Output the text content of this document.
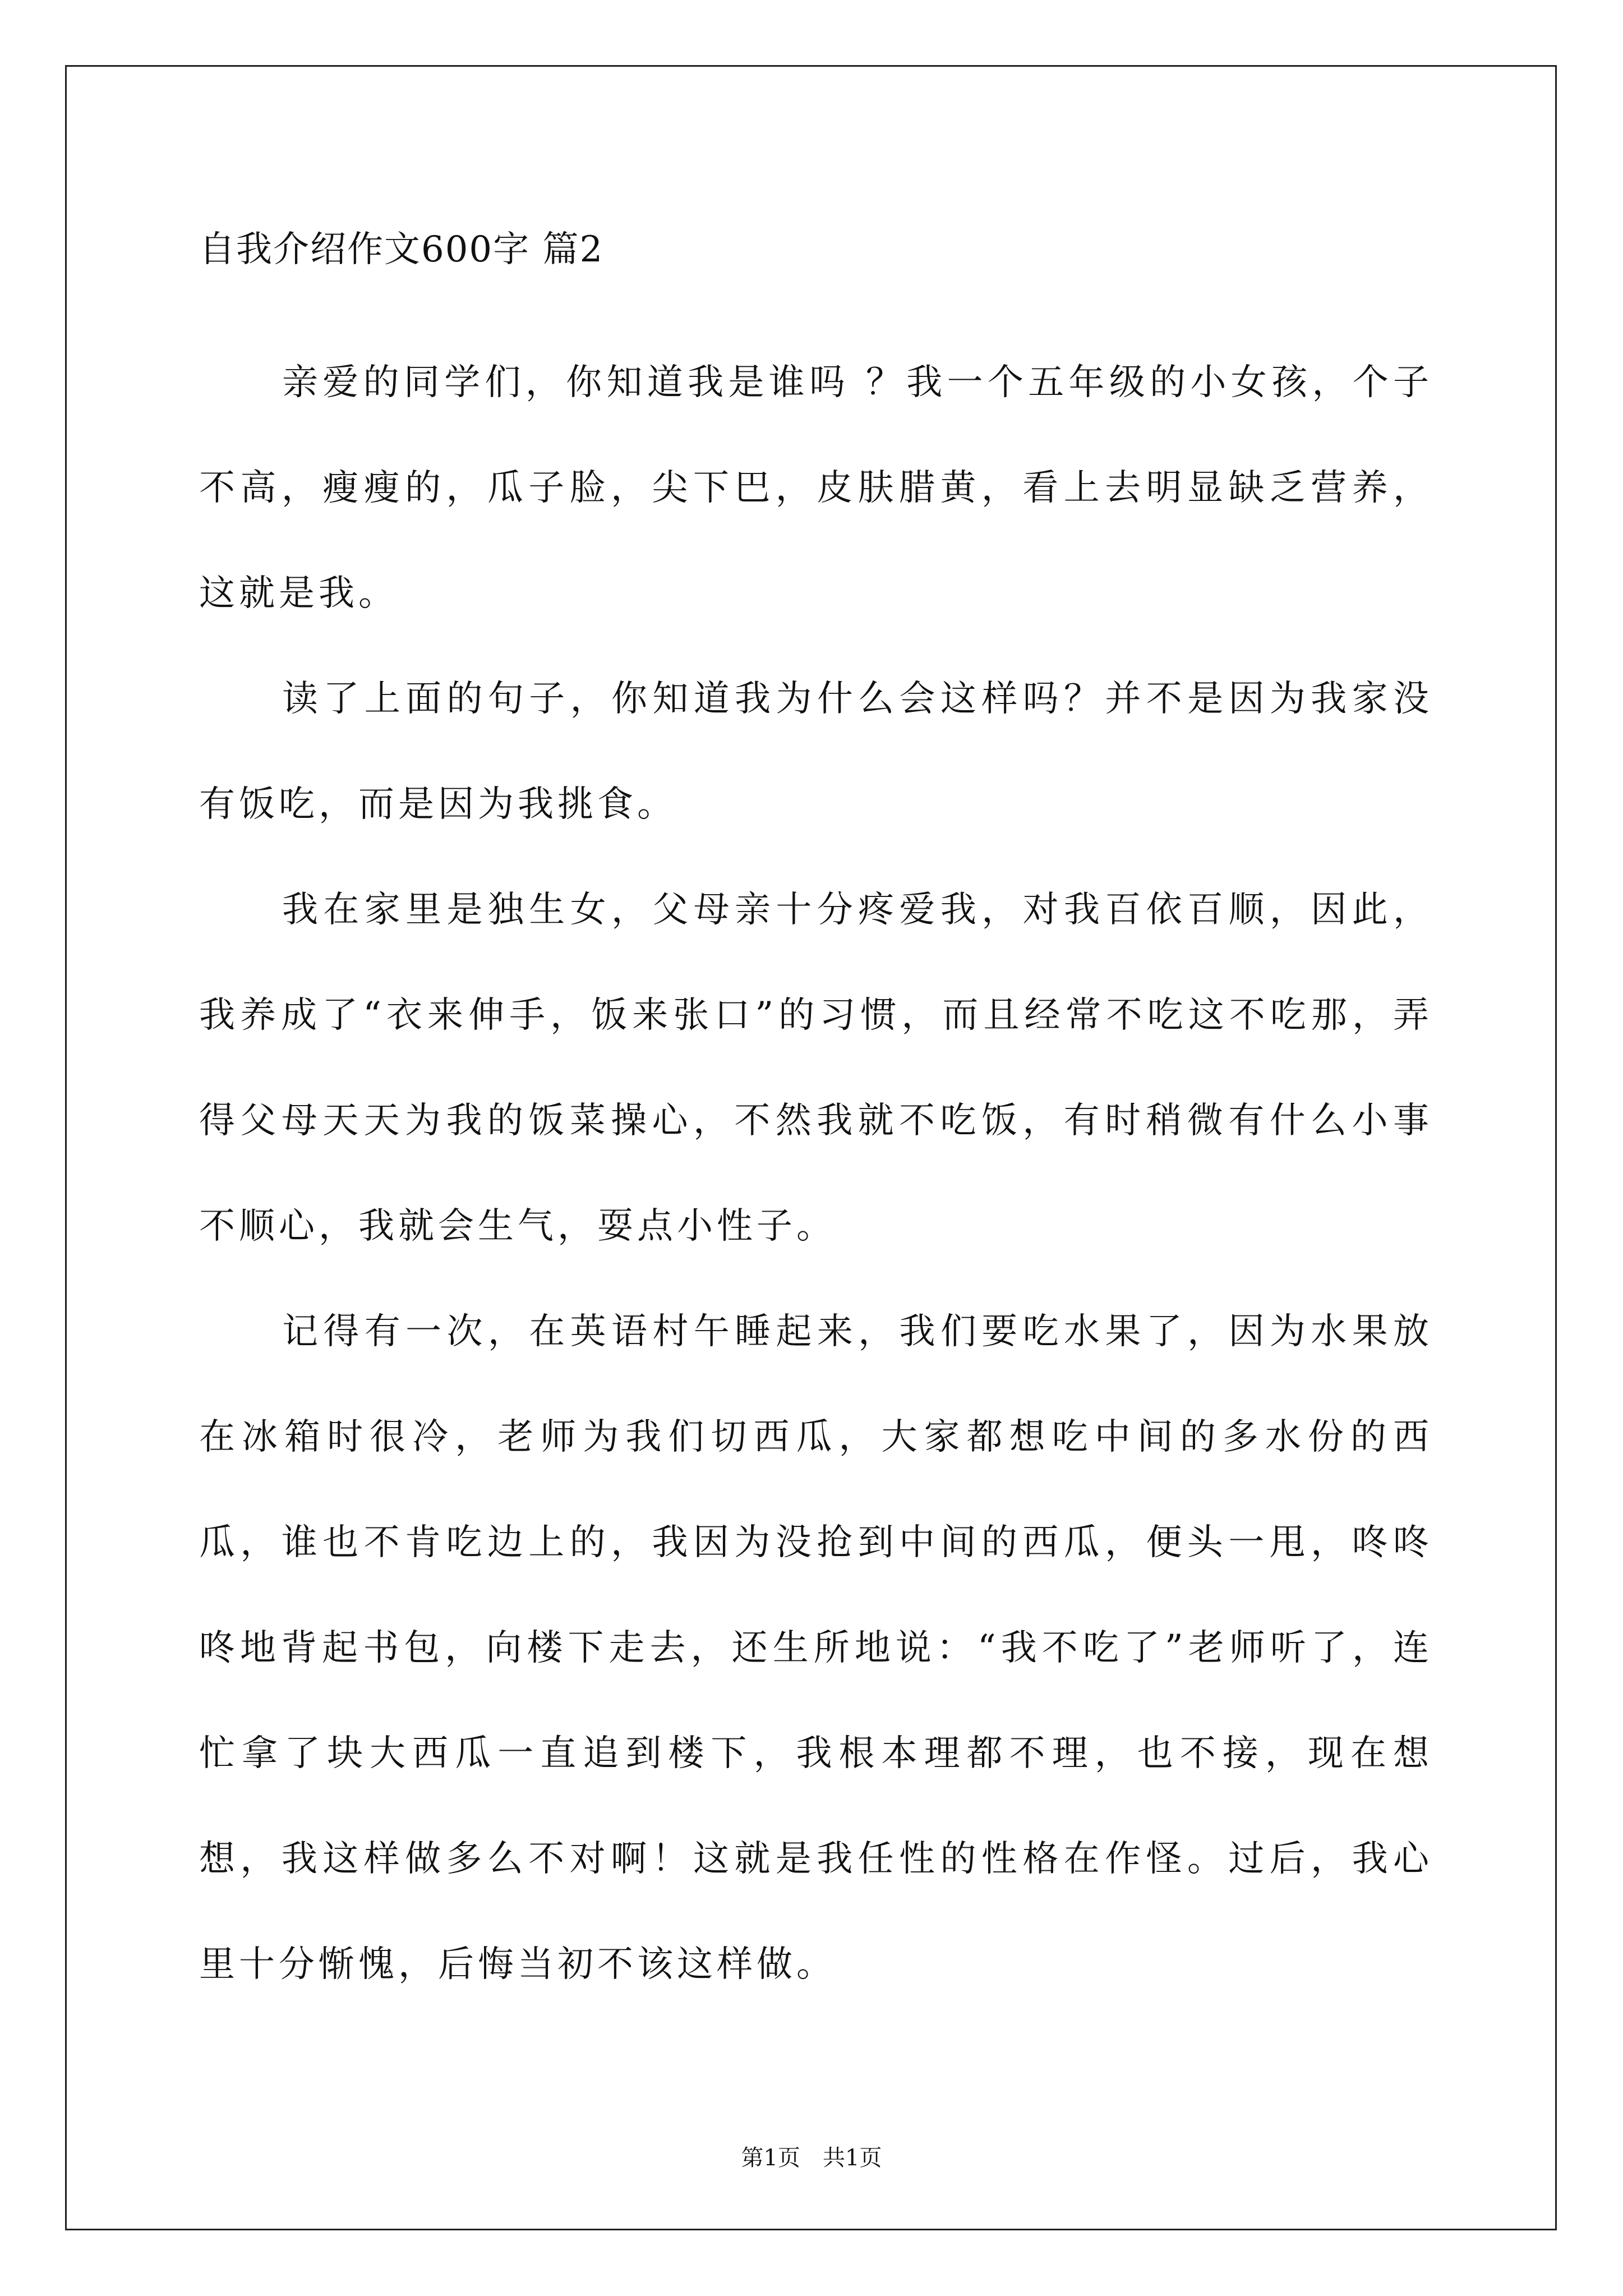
自我介绍作文600字 篇2

亲爱的同学们，你知道我是谁吗 ？我一个五年级的小女孩，个子不高，瘦瘦的，瓜子脸，尖下巴，皮肤腊黄，看上去明显缺乏营养，这就是我。

读了上面的句子，你知道我为什么会这样吗？并不是因为我家没有饭吃，而是因为我挑食。

我在家里是独生女，父母亲十分疼爱我，对我百依百顺，因此，我养成了“衣来伸手，饭来张口”的习惯，而且经常不吃这不吃那，弄得父母天天为我的饭菜操心，不然我就不吃饭，有时稍微有什么小事不顺心，我就会生气，耍点小性子。

记得有一次，在英语村午睡起来，我们要吃水果了，因为水果放在冰箱时很冷，老师为我们切西瓜，大家都想吃中间的多水份的西瓜，谁也不肯吃边上的，我因为没抢到中间的西瓜，便头一甩，咚咚咚地背起书包，向楼下走去，还生所地说：“我不吃了”老师听了，连忙拿了块大西瓜一直追到楼下，我根本理都不理，也不接，现在想想，我这样做多么不对啊！这就是我任性的性格在作怪。过后，我心里十分惭愧，后悔当初不该这样做。

第1页　共1页
